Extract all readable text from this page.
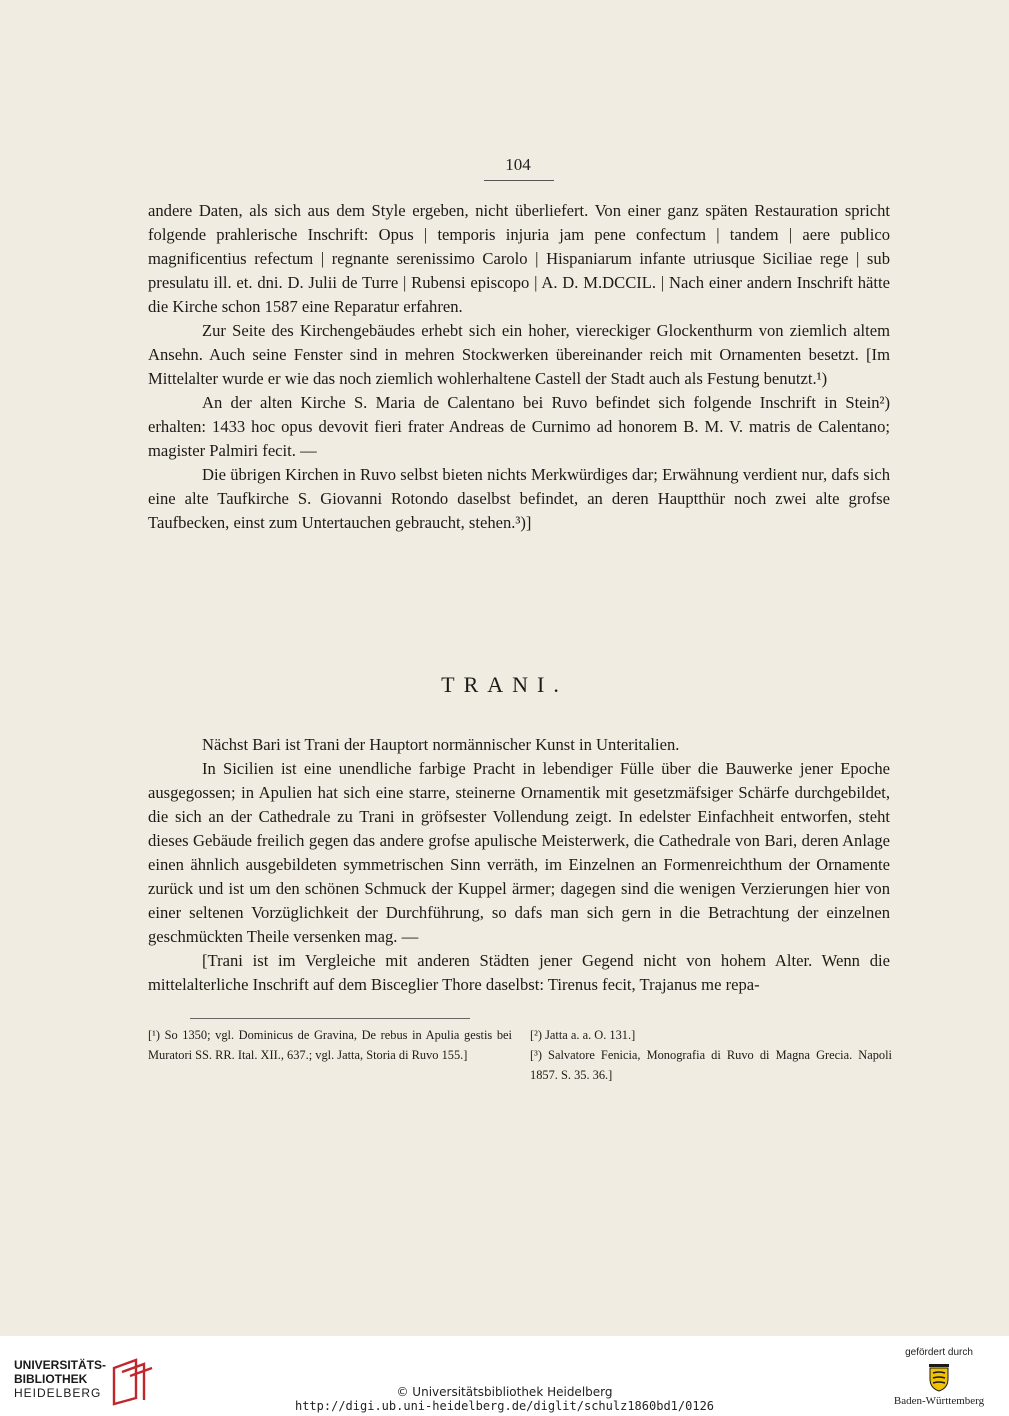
104

andere Daten, als sich aus dem Style ergeben, nicht überliefert. Von einer ganz späten Restauration spricht folgende prahlerische Inschrift: Opus | temporis injuria jam pene confectum | tandem | aere publico magnificentius refectum | regnante serenissimo Carolo | Hispaniarum infante utriusque Siciliae rege | sub presulatu ill. et. dni. D. Julii de Turre | Rubensi episcopo | A. D. M.DCCIL. | Nach einer andern Inschrift hätte die Kirche schon 1587 eine Reparatur erfahren.

Zur Seite des Kirchengebäudes erhebt sich ein hoher, viereckiger Glockenthurm von ziemlich altem Ansehn. Auch seine Fenster sind in mehren Stockwerken übereinander reich mit Ornamenten besetzt. [Im Mittelalter wurde er wie das noch ziemlich wohlerhaltene Castell der Stadt auch als Festung benutzt.¹)

An der alten Kirche S. Maria de Calentano bei Ruvo befindet sich folgende Inschrift in Stein²) erhalten: 1433 hoc opus devovit fieri frater Andreas de Curnimo ad honorem B. M. V. matris de Calentano; magister Palmiri fecit. —

Die übrigen Kirchen in Ruvo selbst bieten nichts Merkwürdiges dar; Erwähnung verdient nur, dafs sich eine alte Taufkirche S. Giovanni Rotondo daselbst befindet, an deren Hauptthür noch zwei alte grofse Taufbecken, einst zum Untertauchen gebraucht, stehen.³)]

TRANI.

Nächst Bari ist Trani der Hauptort normännischer Kunst in Unteritalien.

In Sicilien ist eine unendliche farbige Pracht in lebendiger Fülle über die Bauwerke jener Epoche ausgegossen; in Apulien hat sich eine starre, steinerne Ornamentik mit gesetzmäfsiger Schärfe durchgebildet, die sich an der Cathedrale zu Trani in gröfsester Vollendung zeigt. In edelster Einfachheit entworfen, steht dieses Gebäude freilich gegen das andere grofse apulische Meisterwerk, die Cathedrale von Bari, deren Anlage einen ähnlich ausgebildeten symmetrischen Sinn verräth, im Einzelnen an Formenreichthum der Ornamente zurück und ist um den schönen Schmuck der Kuppel ärmer; dagegen sind die wenigen Verzierungen hier von einer seltenen Vorzüglichkeit der Durchführung, so dafs man sich gern in die Betrachtung der einzelnen geschmückten Theile versenken mag. —

[Trani ist im Vergleiche mit anderen Städten jener Gegend nicht von hohem Alter. Wenn die mittelalterliche Inschrift auf dem Bisceglier Thore daselbst: Tirenus fecit, Trajanus me repa-

[¹) So 1350; vgl. Dominicus de Gravina, De rebus in Apulia gestis bei Muratori SS. RR. Ital. XII., 637.; vgl. Jatta, Storia di Ruvo 155.]
[²) Jatta a. a. O. 131.]
[³) Salvatore Fenicia, Monografia di Ruvo di Magna Grecia. Napoli 1857. S. 35. 36.]
UNIVERSITÄTS-
BIBLIOTHEK
HEIDELBERG	© Universitätsbibliothek Heidelberg
http://digi.ub.uni-heidelberg.de/diglit/schulz1860bd1/0126
gefördert durch
Baden-Württemberg
